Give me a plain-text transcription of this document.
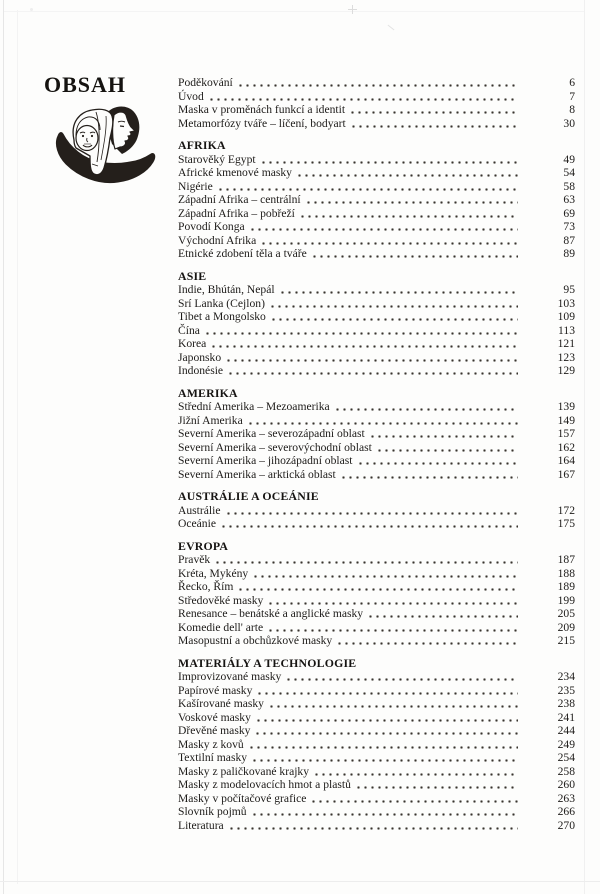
OBSAH	Poděkování	6
Úvod	7
Maska v proměnách funkcí a identit	8
Metamorfózy tváře – líčení, bodyart	30
AFRIKA
Starověký Egypt	49
Africké kmenové masky	54
Nigérie	58
Západní Afrika – centrální	63
Západní Afrika – pobřeží	69
Povodí Konga	73
Východní Afrika	87
Etnické zdobení těla a tváře	89
ASIE
Indie, Bhútán, Nepál	95
Srí Lanka (Cejlon)	103
Tibet a Mongolsko	109
Čína	113
Korea	121
Japonsko	123
Indonésie	129
AMERIKA
Střední Amerika – Mezoamerika	139
Jižní Amerika	149
Severní Amerika – severozápadní oblast	157
Severní Amerika – severovýchodní oblast	162
Severní Amerika – jihozápadní oblast	164
Severní Amerika – arktická oblast	167
AUSTRÁLIE A OCEÁNIE
Austrálie	172
Oceánie	175
EVROPA
Pravěk	187
Kréta, Mykény	188
Řecko, Řím	189
Středověké masky	199
Renesance – benátské a anglické masky	205
Komedie dell' arte	209
Masopustní a obchůzkové masky	215
MATERIÁLY A TECHNOLOGIE
Improvizované masky	234
Papírové masky	235
Kašírované masky	238
Voskové masky	241
Dřevěné masky	244
Masky z kovů	249
Textilní masky	254
Masky z paličkované krajky	258
Masky z modelovacích hmot a plastů	260
Masky v počítačové grafice	263
Slovník pojmů	266
Literatura	270
